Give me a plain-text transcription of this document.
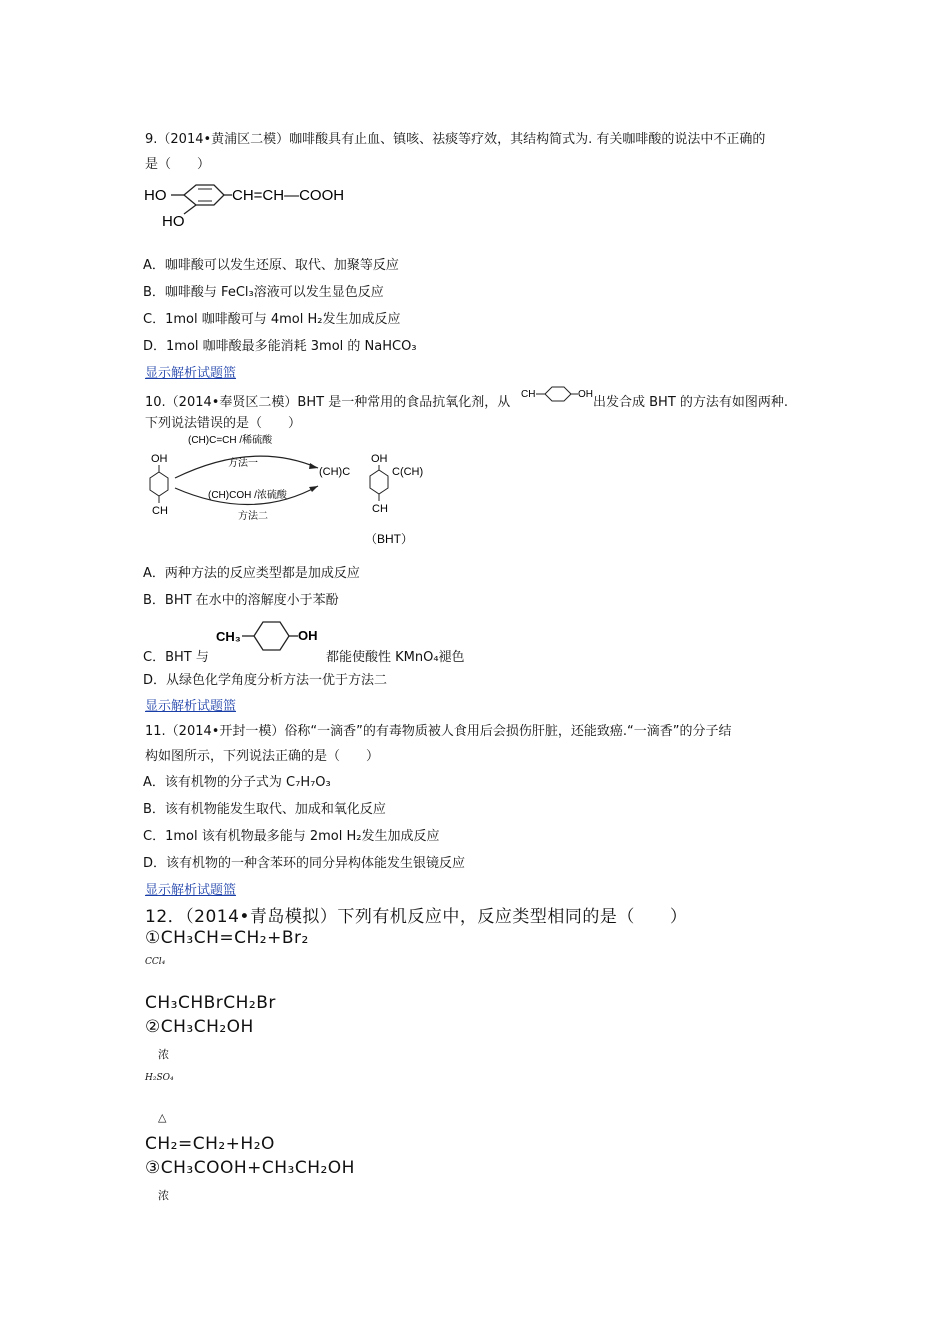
9.（2014•黄浦区二模）咖啡酸具有止血、镇咳、祛痰等疗效，其结构简式为. 有关咖啡酸的说法中不正确的
是（　　）
HO
HO
CH=CH—COOH
A．咖啡酸可以发生还原、取代、加聚等反应
B．咖啡酸与 FeCl₃溶液可以发生显色反应
C．1mol 咖啡酸可与 4mol H₂发生加成反应
D．1mol 咖啡酸最多能消耗 3mol 的 NaHCO₃
显示解析试题篮
10.（2014•奉贤区二模）BHT 是一种常用的食品抗氧化剂，从
CH	OH
出发合成 BHT 的方法有如图两种.
下列说法错误的是（　　）
OH
CH
(CH)C=CH /稀硫酸
方法一
(CH)COH /浓硫酸
方法二
OH
(CH)C	C(CH)
CH
（BHT）
A．两种方法的反应类型都是加成反应
B．BHT 在水中的溶解度小于苯酚
CH₃	OH
C．BHT 与	都能使酸性 KMnO₄褪色
D．从绿色化学角度分析方法一优于方法二
显示解析试题篮
11.（2014•开封一模）俗称“一滴香”的有毒物质被人食用后会损伤肝脏，还能致癌.“一滴香”的分子结
构如图所示，下列说法正确的是（　　）
A．该有机物的分子式为 C₇H₇O₃
B．该有机物能发生取代、加成和氧化反应
C．1mol 该有机物最多能与 2mol H₂发生加成反应
D．该有机物的一种含苯环的同分异构体能发生银镜反应
显示解析试题篮
12．（2014•青岛模拟）下列有机反应中，反应类型相同的是（　　）
①CH₃CH=CH₂+Br₂
CCl₄
CH₃CHBrCH₂Br
②CH₃CH₂OH
浓
H₂SO₄
△
CH₂=CH₂+H₂O
③CH₃COOH+CH₃CH₂OH
浓
